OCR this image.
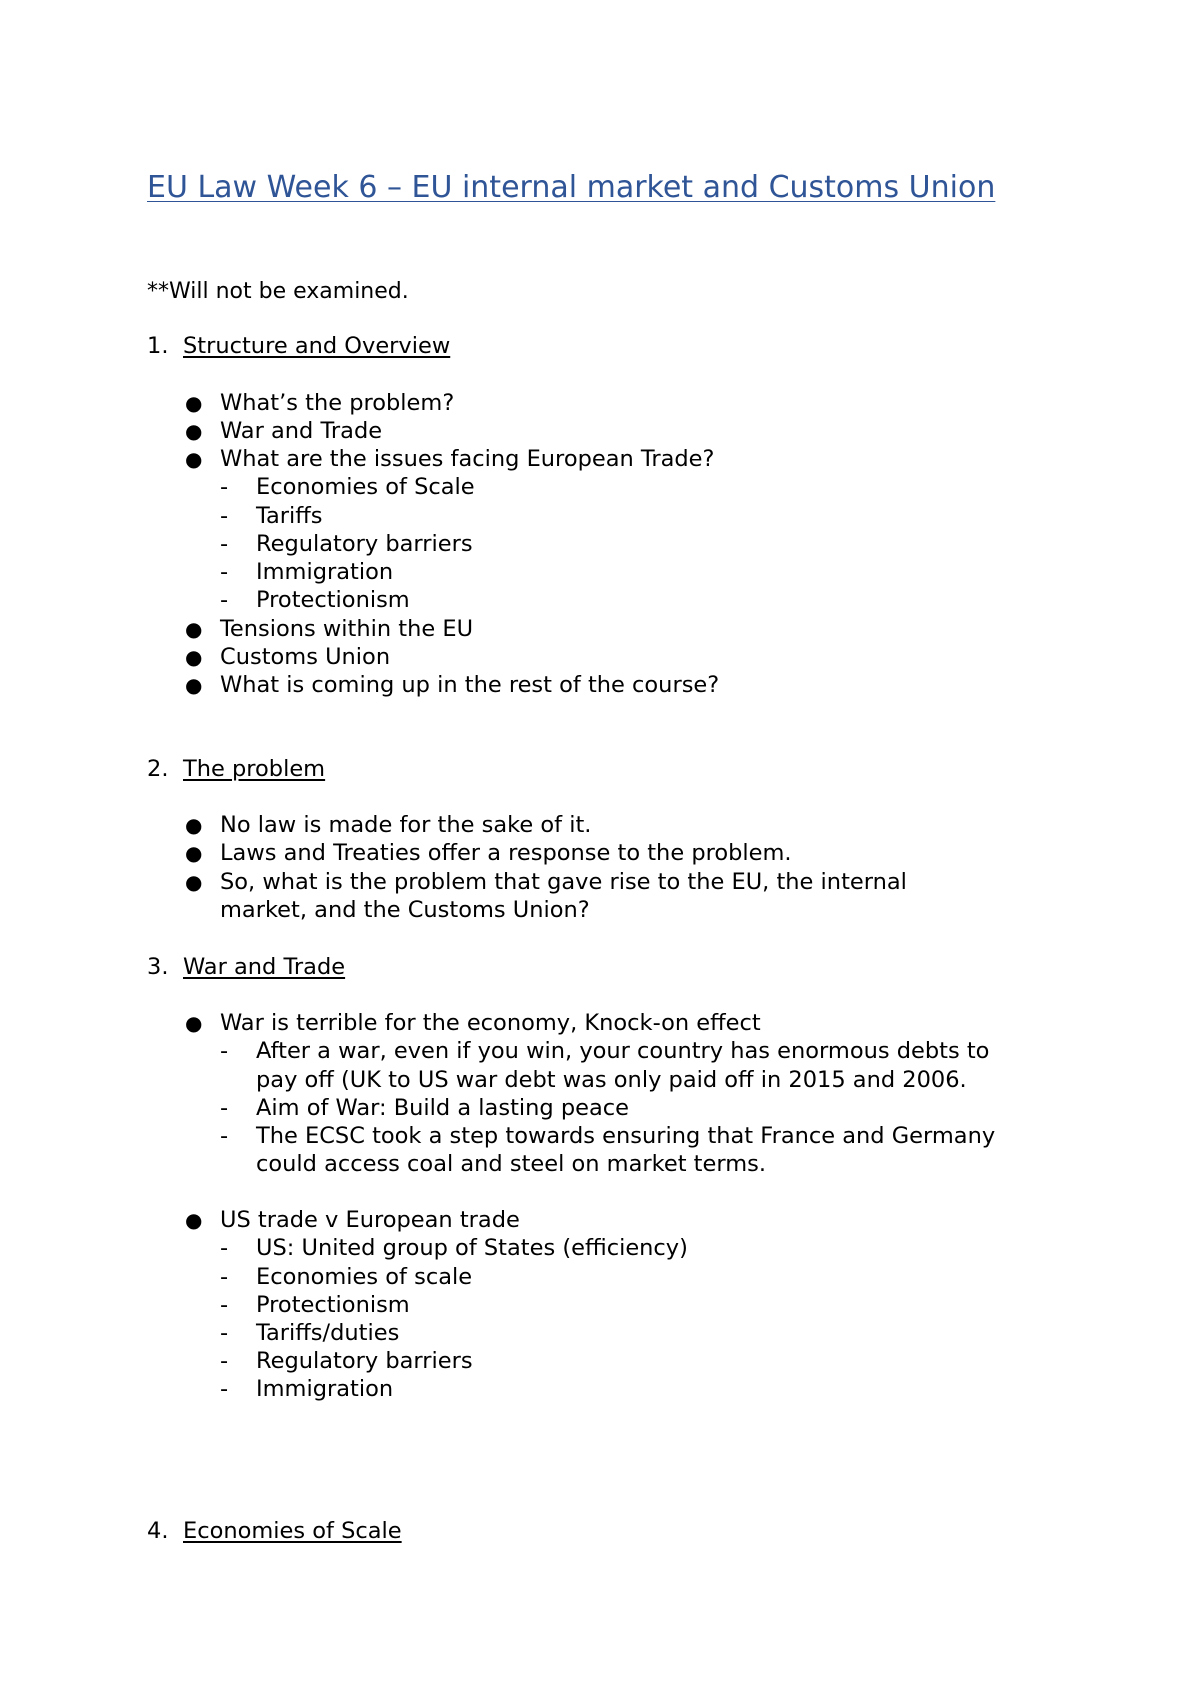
EU Law Week 6 – EU internal market and Customs Union
**Will not be examined.
1. Structure and Overview
● What’s the problem?
● War and Trade
● What are the issues facing European Trade?
- Economies of Scale
- Tariffs
- Regulatory barriers
- Immigration
- Protectionism
● Tensions within the EU
● Customs Union
● What is coming up in the rest of the course?
2. The problem
● No law is made for the sake of it.
● Laws and Treaties offer a response to the problem.
● So, what is the problem that gave rise to the EU, the internal
market, and the Customs Union?
3. War and Trade
● War is terrible for the economy, Knock-on effect
- After a war, even if you win, your country has enormous debts to
pay off (UK to US war debt was only paid off in 2015 and 2006.
- Aim of War: Build a lasting peace
- The ECSC took a step towards ensuring that France and Germany
could access coal and steel on market terms.
● US trade v European trade
- US: United group of States (efficiency)
- Economies of scale
- Protectionism
- Tariffs/duties
- Regulatory barriers
- Immigration
4. Economies of Scale
